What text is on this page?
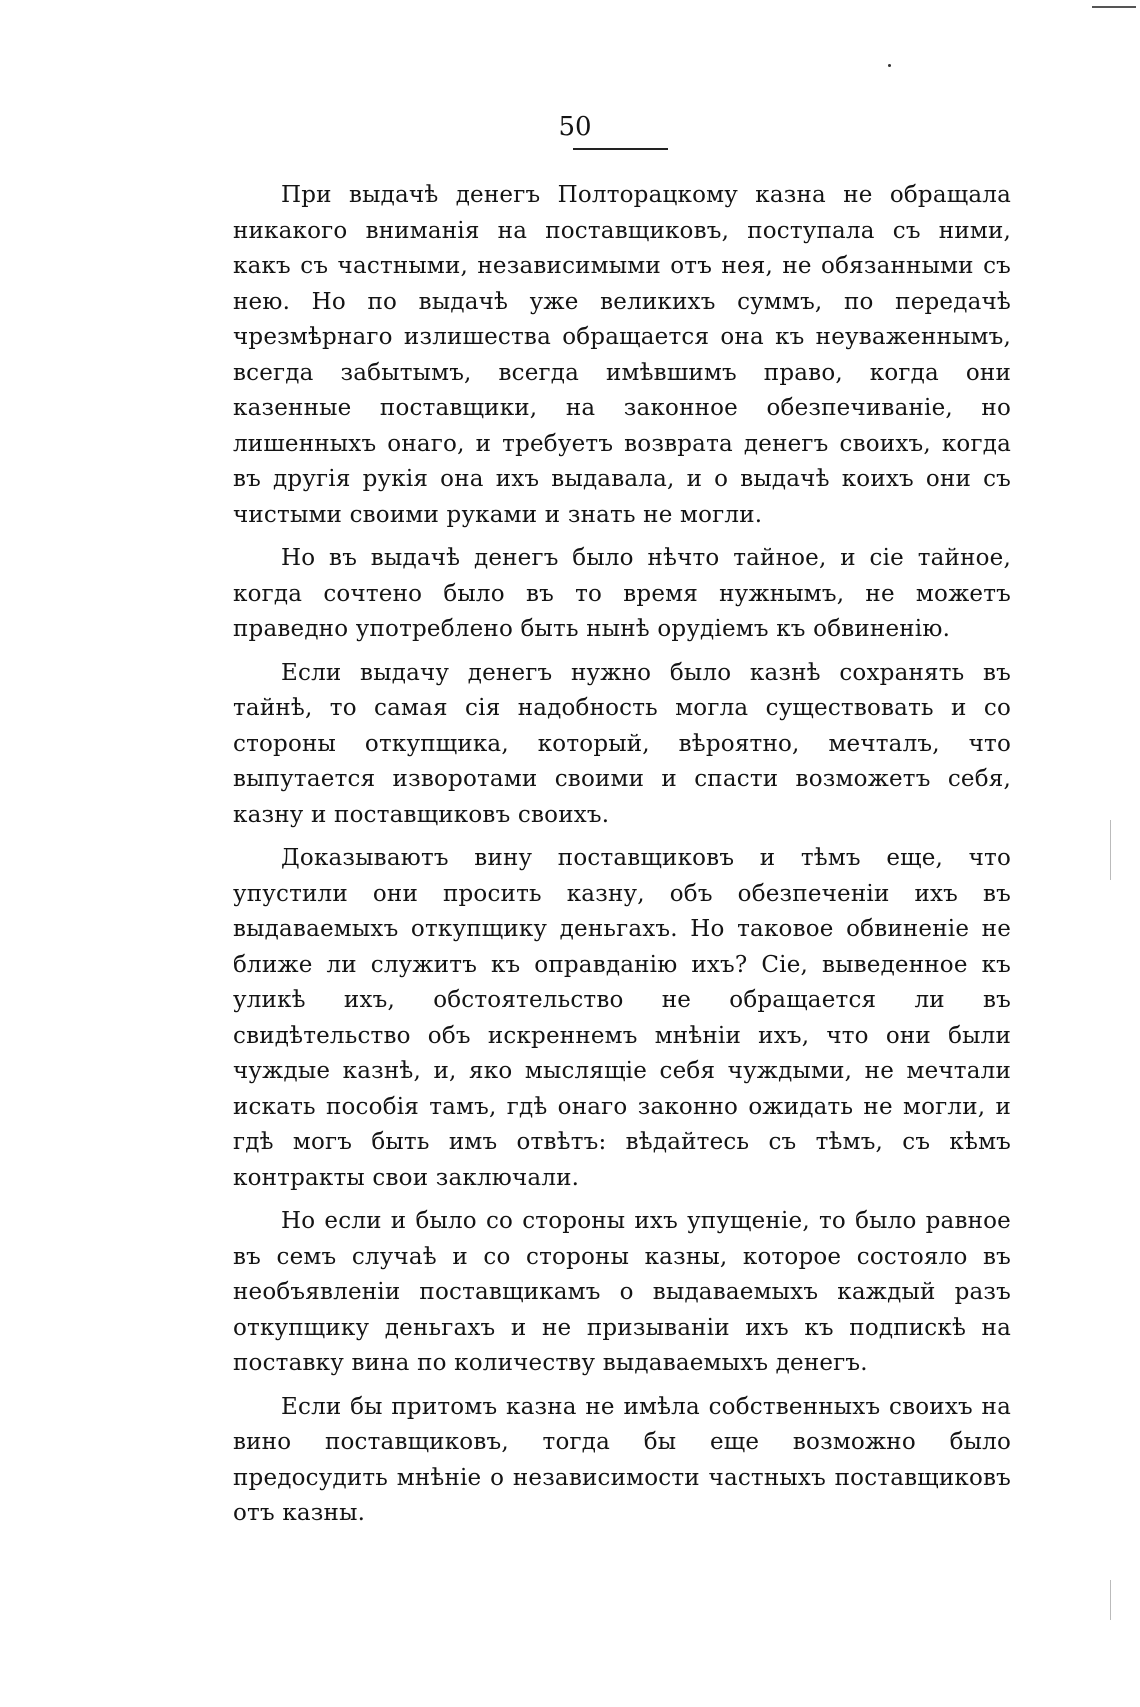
50

При выдачѣ денегъ Полторацкому казна не обращала никакого вниманія на поставщиковъ, поступала съ ними, какъ съ частными, независимыми отъ нея, не обязанными съ нею. Но по выдачѣ уже великихъ суммъ, по передачѣ чрезмѣрнаго излишества обращается она къ неуваженнымъ, всегда забытымъ, всегда имѣвшимъ право, когда они казенные поставщики, на законное обезпечиваніе, но лишенныхъ онаго, и требуетъ возврата денегъ своихъ, когда въ другія рукія она ихъ выдавала, и о выдачѣ коихъ они съ чистыми своими руками и знать не могли.

Но въ выдачѣ денегъ было нѣчто тайное, и сіе тайное, когда сочтено было въ то время нужнымъ, не можетъ праведно употреблено быть нынѣ орудіемъ къ обвиненію.

Если выдачу денегъ нужно было казнѣ сохранять въ тайнѣ, то самая сія надобность могла существовать и со стороны откупщика, который, вѣроятно, мечталъ, что выпутается изворотами своими и спасти возможетъ себя, казну и поставщиковъ своихъ.

Доказываютъ вину поставщиковъ и тѣмъ еще, что упустили они просить казну, объ обезпеченіи ихъ въ выдаваемыхъ откупщику деньгахъ. Но таковое обвиненіе не ближе ли служитъ къ оправданію ихъ? Сіе, выведенное къ уликѣ ихъ, обстоятельство не обращается ли въ свидѣтельство объ искреннемъ мнѣніи ихъ, что они были чуждые казнѣ, и, яко мыслящіе себя чуждыми, не мечтали искать пособія тамъ, гдѣ онаго законно ожидать не могли, и гдѣ могъ быть имъ отвѣтъ: вѣдайтесь съ тѣмъ, съ кѣмъ контракты свои заключали.

Но если и было со стороны ихъ упущеніе, то было равное въ семъ случаѣ и со стороны казны, которое состояло въ необъявленіи поставщикамъ о выдаваемыхъ каждый разъ откупщику деньгахъ и не призываніи ихъ къ подпискѣ на поставку вина по количеству выдаваемыхъ денегъ.

Если бы притомъ казна не имѣла собственныхъ своихъ на вино поставщиковъ, тогда бы еще возможно было предосудить мнѣніе о независимости частныхъ поставщиковъ отъ казны.
